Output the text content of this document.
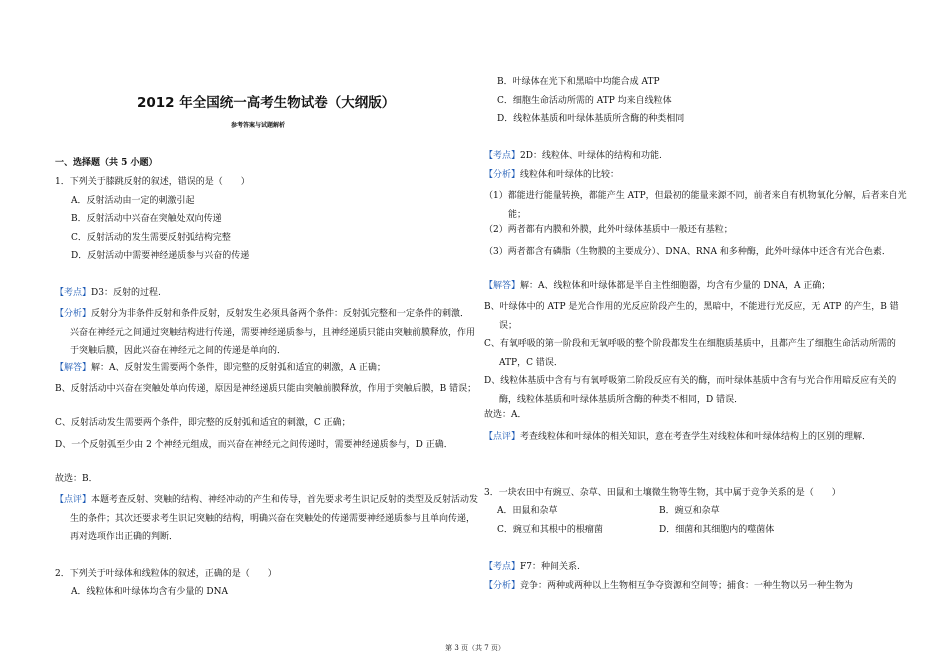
2012 年全国统一高考生物试卷（大纲版）
参考答案与试题解析
一、选择题（共 5 小题）
1．下列关于膝跳反射的叙述，错误的是（　　）
A．反射活动由一定的刺激引起
B．反射活动中兴奋在突触处双向传递
C．反射活动的发生需要反射弧结构完整
D．反射活动中需要神经递质参与兴奋的传递
【考点】D3：反射的过程.
【分析】反射分为非条件反射和条件反射，反射发生必须具备两个条件：反射弧完整和一定条件的刺激．兴奋在神经元之间通过突触结构进行传递，需要神经递质参与，且神经递质只能由突触前膜释放，作用于突触后膜，因此兴奋在神经元之间的传递是单向的．
【解答】解：A、反射发生需要两个条件，即完整的反射弧和适宜的刺激，A 正确；
B、反射活动中兴奋在突触处单向传递，原因是神经递质只能由突触前膜释放，作用于突触后膜，B 错误；
C、反射活动发生需要两个条件，即完整的反射弧和适宜的刺激，C 正确；
D、一个反射弧至少由 2 个神经元组成，而兴奋在神经元之间传递时，需要神经递质参与，D 正确．
故选：B．
【点评】本题考查反射、突触的结构、神经冲动的产生和传导，首先要求考生识记反射的类型及反射活动发生的条件；其次还要求考生识记突触的结构，明确兴奋在突触处的传递需要神经递质参与且单向传递，再对选项作出正确的判断．
2．下列关于叶绿体和线粒体的叙述，正确的是（　　）
A．线粒体和叶绿体均含有少量的 DNA
B．叶绿体在光下和黑暗中均能合成 ATP
C．细胞生命活动所需的 ATP 均来自线粒体
D．线粒体基质和叶绿体基质所含酶的种类相同
【考点】2D：线粒体、叶绿体的结构和功能.
【分析】线粒体和叶绿体的比较：
（1）都能进行能量转换，都能产生 ATP，但最初的能量来源不同，前者来自有机物氧化分解，后者来自光能；
（2）两者都有内膜和外膜，此外叶绿体基质中一般还有基粒；
（3）两者都含有磷脂（生物膜的主要成分）、DNA、RNA 和多种酶，此外叶绿体中还含有光合色素．
【解答】解：A、线粒体和叶绿体都是半自主性细胞器，均含有少量的 DNA，A 正确；
B、叶绿体中的 ATP 是光合作用的光反应阶段产生的，黑暗中，不能进行光反应，无 ATP 的产生，B 错误；
C、有氧呼吸的第一阶段和无氧呼吸的整个阶段都发生在细胞质基质中，且都产生了细胞生命活动所需的 ATP，C 错误．
D、线粒体基质中含有与有氧呼吸第二阶段反应有关的酶，而叶绿体基质中含有与光合作用暗反应有关的酶，线粒体基质和叶绿体基质所含酶的种类不相同，D 错误．
故选：A．
【点评】考查线粒体和叶绿体的相关知识，意在考查学生对线粒体和叶绿体结构上的区别的理解．
3．一块农田中有豌豆、杂草、田鼠和土壤微生物等生物，其中属于竞争关系的是（　　）
A．田鼠和杂草	B．豌豆和杂草
C．豌豆和其根中的根瘤菌	D．细菌和其细胞内的噬菌体
【考点】F7：种间关系.
【分析】竞争：两种或两种以上生物相互争夺资源和空间等；捕食：一种生物以另一种生物为
第 3 页（共 7 页）
